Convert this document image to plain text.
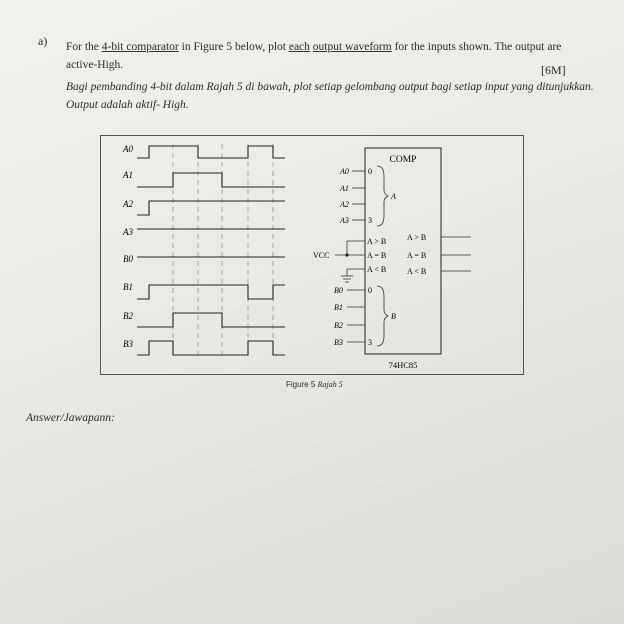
a) For the 4-bit comparator in Figure 5 below, plot each output waveform for the inputs shown. The output are active-High.	[6M]

Bagi pembanding 4-bit dalam Rajah 5 di bawah, plot setiap gelombang output bagi setiap input yang ditunjukkan. Output adalah aktif- High.

A0
A1
A2
A3
B0
B1
B2
B3
COMP
A0
A1
A2
A3
0
3
A
A > B
A = B
A < B
VCC
A > B
A = B
A < B
B0
B1
B2
B3
0
3
B
74HC85
Figure 5 Rajah 5
Answer/Jawapann:
